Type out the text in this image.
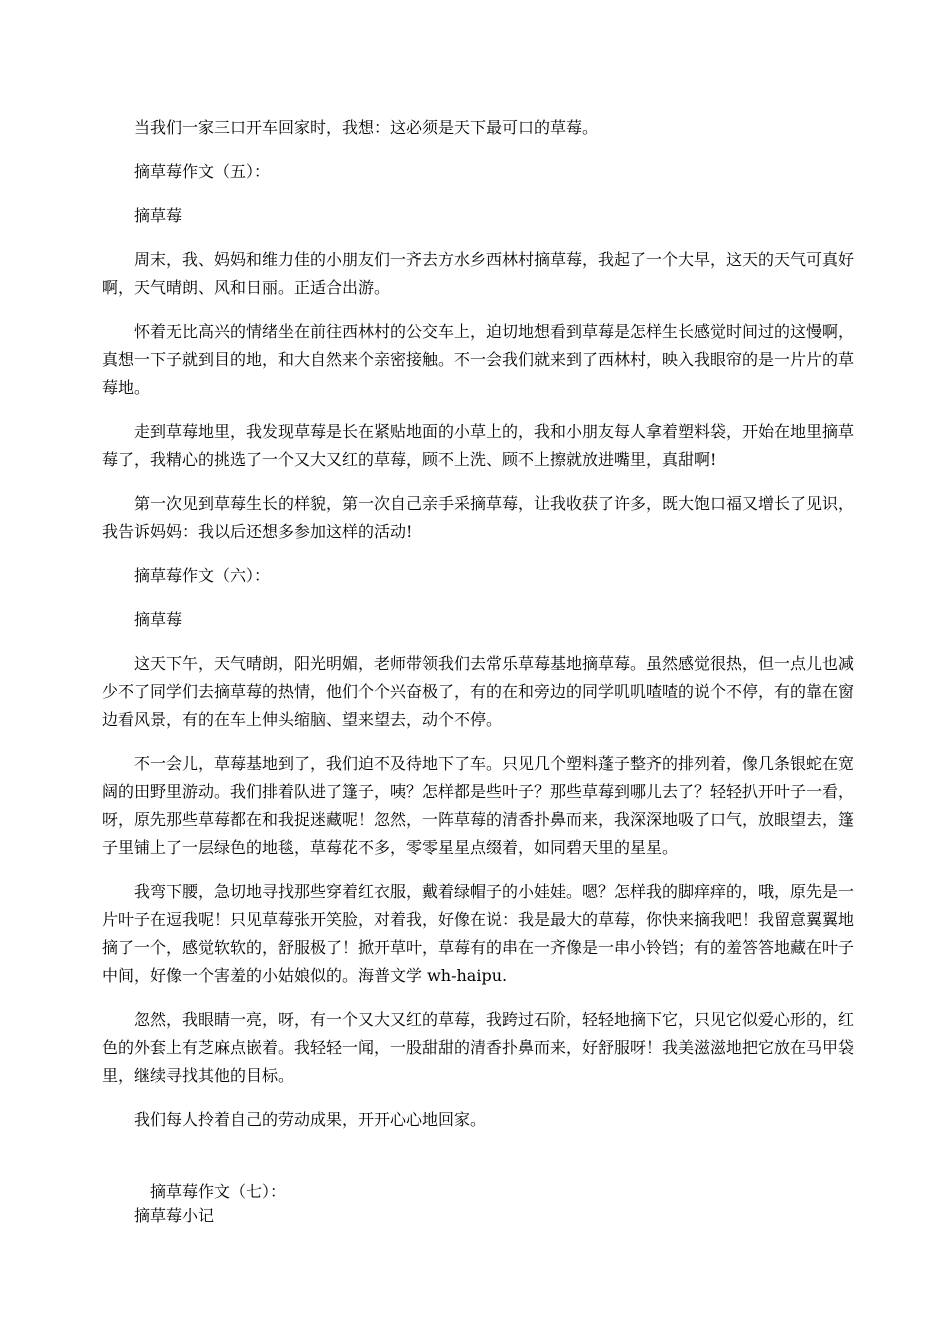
当我们一家三口开车回家时，我想：这必须是天下最可口的草莓。

摘草莓作文（五）：

摘草莓

周末，我、妈妈和维力佳的小朋友们一齐去方水乡西林村摘草莓，我起了一个大早，这天的天气可真好啊，天气晴朗、风和日丽。正适合出游。

怀着无比高兴的情绪坐在前往西林村的公交车上，迫切地想看到草莓是怎样生长感觉时间过的这慢啊，真想一下子就到目的地，和大自然来个亲密接触。不一会我们就来到了西林村，映入我眼帘的是一片片的草莓地。

走到草莓地里，我发现草莓是长在紧贴地面的小草上的，我和小朋友每人拿着塑料袋，开始在地里摘草莓了，我精心的挑选了一个又大又红的草莓，顾不上洗、顾不上擦就放进嘴里，真甜啊!

第一次见到草莓生长的样貌，第一次自己亲手采摘草莓，让我收获了许多，既大饱口福又增长了见识，我告诉妈妈：我以后还想多参加这样的活动!

摘草莓作文（六）：

摘草莓

这天下午，天气晴朗，阳光明媚，老师带领我们去常乐草莓基地摘草莓。虽然感觉很热，但一点儿也减少不了同学们去摘草莓的热情，他们个个兴奋极了，有的在和旁边的同学叽叽喳喳的说个不停，有的靠在窗边看风景，有的在车上伸头缩脑、望来望去，动个不停。

不一会儿，草莓基地到了，我们迫不及待地下了车。只见几个塑料蓬子整齐的排列着，像几条银蛇在宽阔的田野里游动。我们排着队进了篷子，咦？怎样都是些叶子？那些草莓到哪儿去了？轻轻扒开叶子一看，呀，原先那些草莓都在和我捉迷藏呢！忽然，一阵草莓的清香扑鼻而来，我深深地吸了口气，放眼望去，篷子里铺上了一层绿色的地毯，草莓花不多，零零星星点缀着，如同碧天里的星星。

我弯下腰，急切地寻找那些穿着红衣服，戴着绿帽子的小娃娃。嗯？怎样我的脚痒痒的，哦，原先是一片叶子在逗我呢！只见草莓张开笑脸，对着我，好像在说：我是最大的草莓，你快来摘我吧！我留意翼翼地摘了一个，感觉软软的，舒服极了！掀开草叶，草莓有的串在一齐像是一串小铃铛；有的羞答答地藏在叶子中间，好像一个害羞的小姑娘似的。海普文学 wh-haipu.

忽然，我眼睛一亮，呀，有一个又大又红的草莓，我跨过石阶，轻轻地摘下它，只见它似爱心形的，红色的外套上有芝麻点嵌着。我轻轻一闻，一股甜甜的清香扑鼻而来，好舒服呀！我美滋滋地把它放在马甲袋里，继续寻找其他的目标。

我们每人拎着自己的劳动成果，开开心心地回家。

摘草莓作文（七）：

摘草莓小记
